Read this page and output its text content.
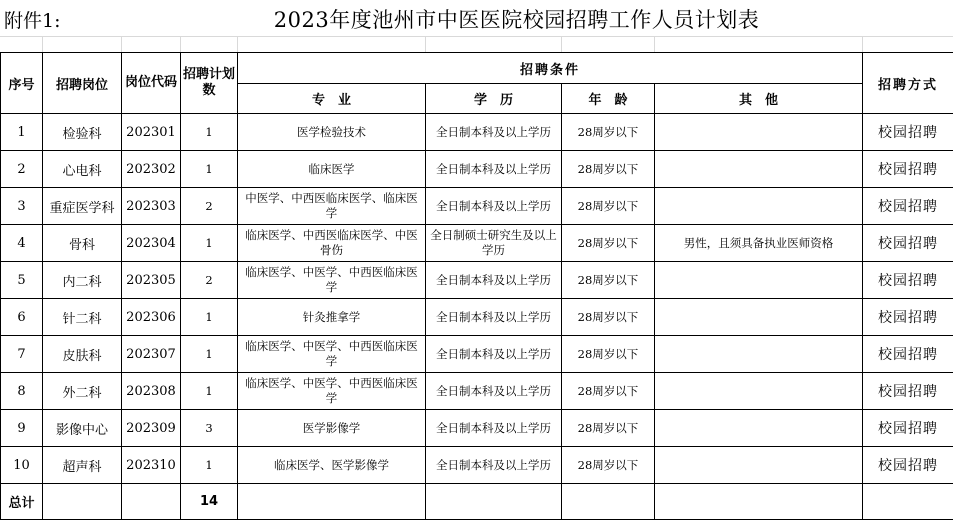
附件1:	2023年度池州市中医医院校园招聘工作人员计划表
序号	招聘岗位	岗位代码	招聘计划数	招聘条件				招聘方式
				专　业	学　历	年　龄	其　他	
1	检验科	202301	1	医学检验技术	全日制本科及以上学历	28周岁以下		校园招聘
2	心电科	202302	1	临床医学	全日制本科及以上学历	28周岁以下		校园招聘
3	重症医学科	202303	2	中医学、中西医临床医学、临床医学	全日制本科及以上学历	28周岁以下		校园招聘
4	骨科	202304	1	临床医学、中西医临床医学、中医骨伤	全日制硕士研究生及以上学历	28周岁以下	男性，且须具备执业医师资格	校园招聘
5	内二科	202305	2	临床医学、中医学、中西医临床医学	全日制本科及以上学历	28周岁以下		校园招聘
6	针二科	202306	1	针灸推拿学	全日制本科及以上学历	28周岁以下		校园招聘
7	皮肤科	202307	1	临床医学、中医学、中西医临床医学	全日制本科及以上学历	28周岁以下		校园招聘
8	外二科	202308	1	临床医学、中医学、中西医临床医学	全日制本科及以上学历	28周岁以下		校园招聘
9	影像中心	202309	3	医学影像学	全日制本科及以上学历	28周岁以下		校园招聘
10	超声科	202310	1	临床医学、医学影像学	全日制本科及以上学历	28周岁以下		校园招聘
总计			14					
